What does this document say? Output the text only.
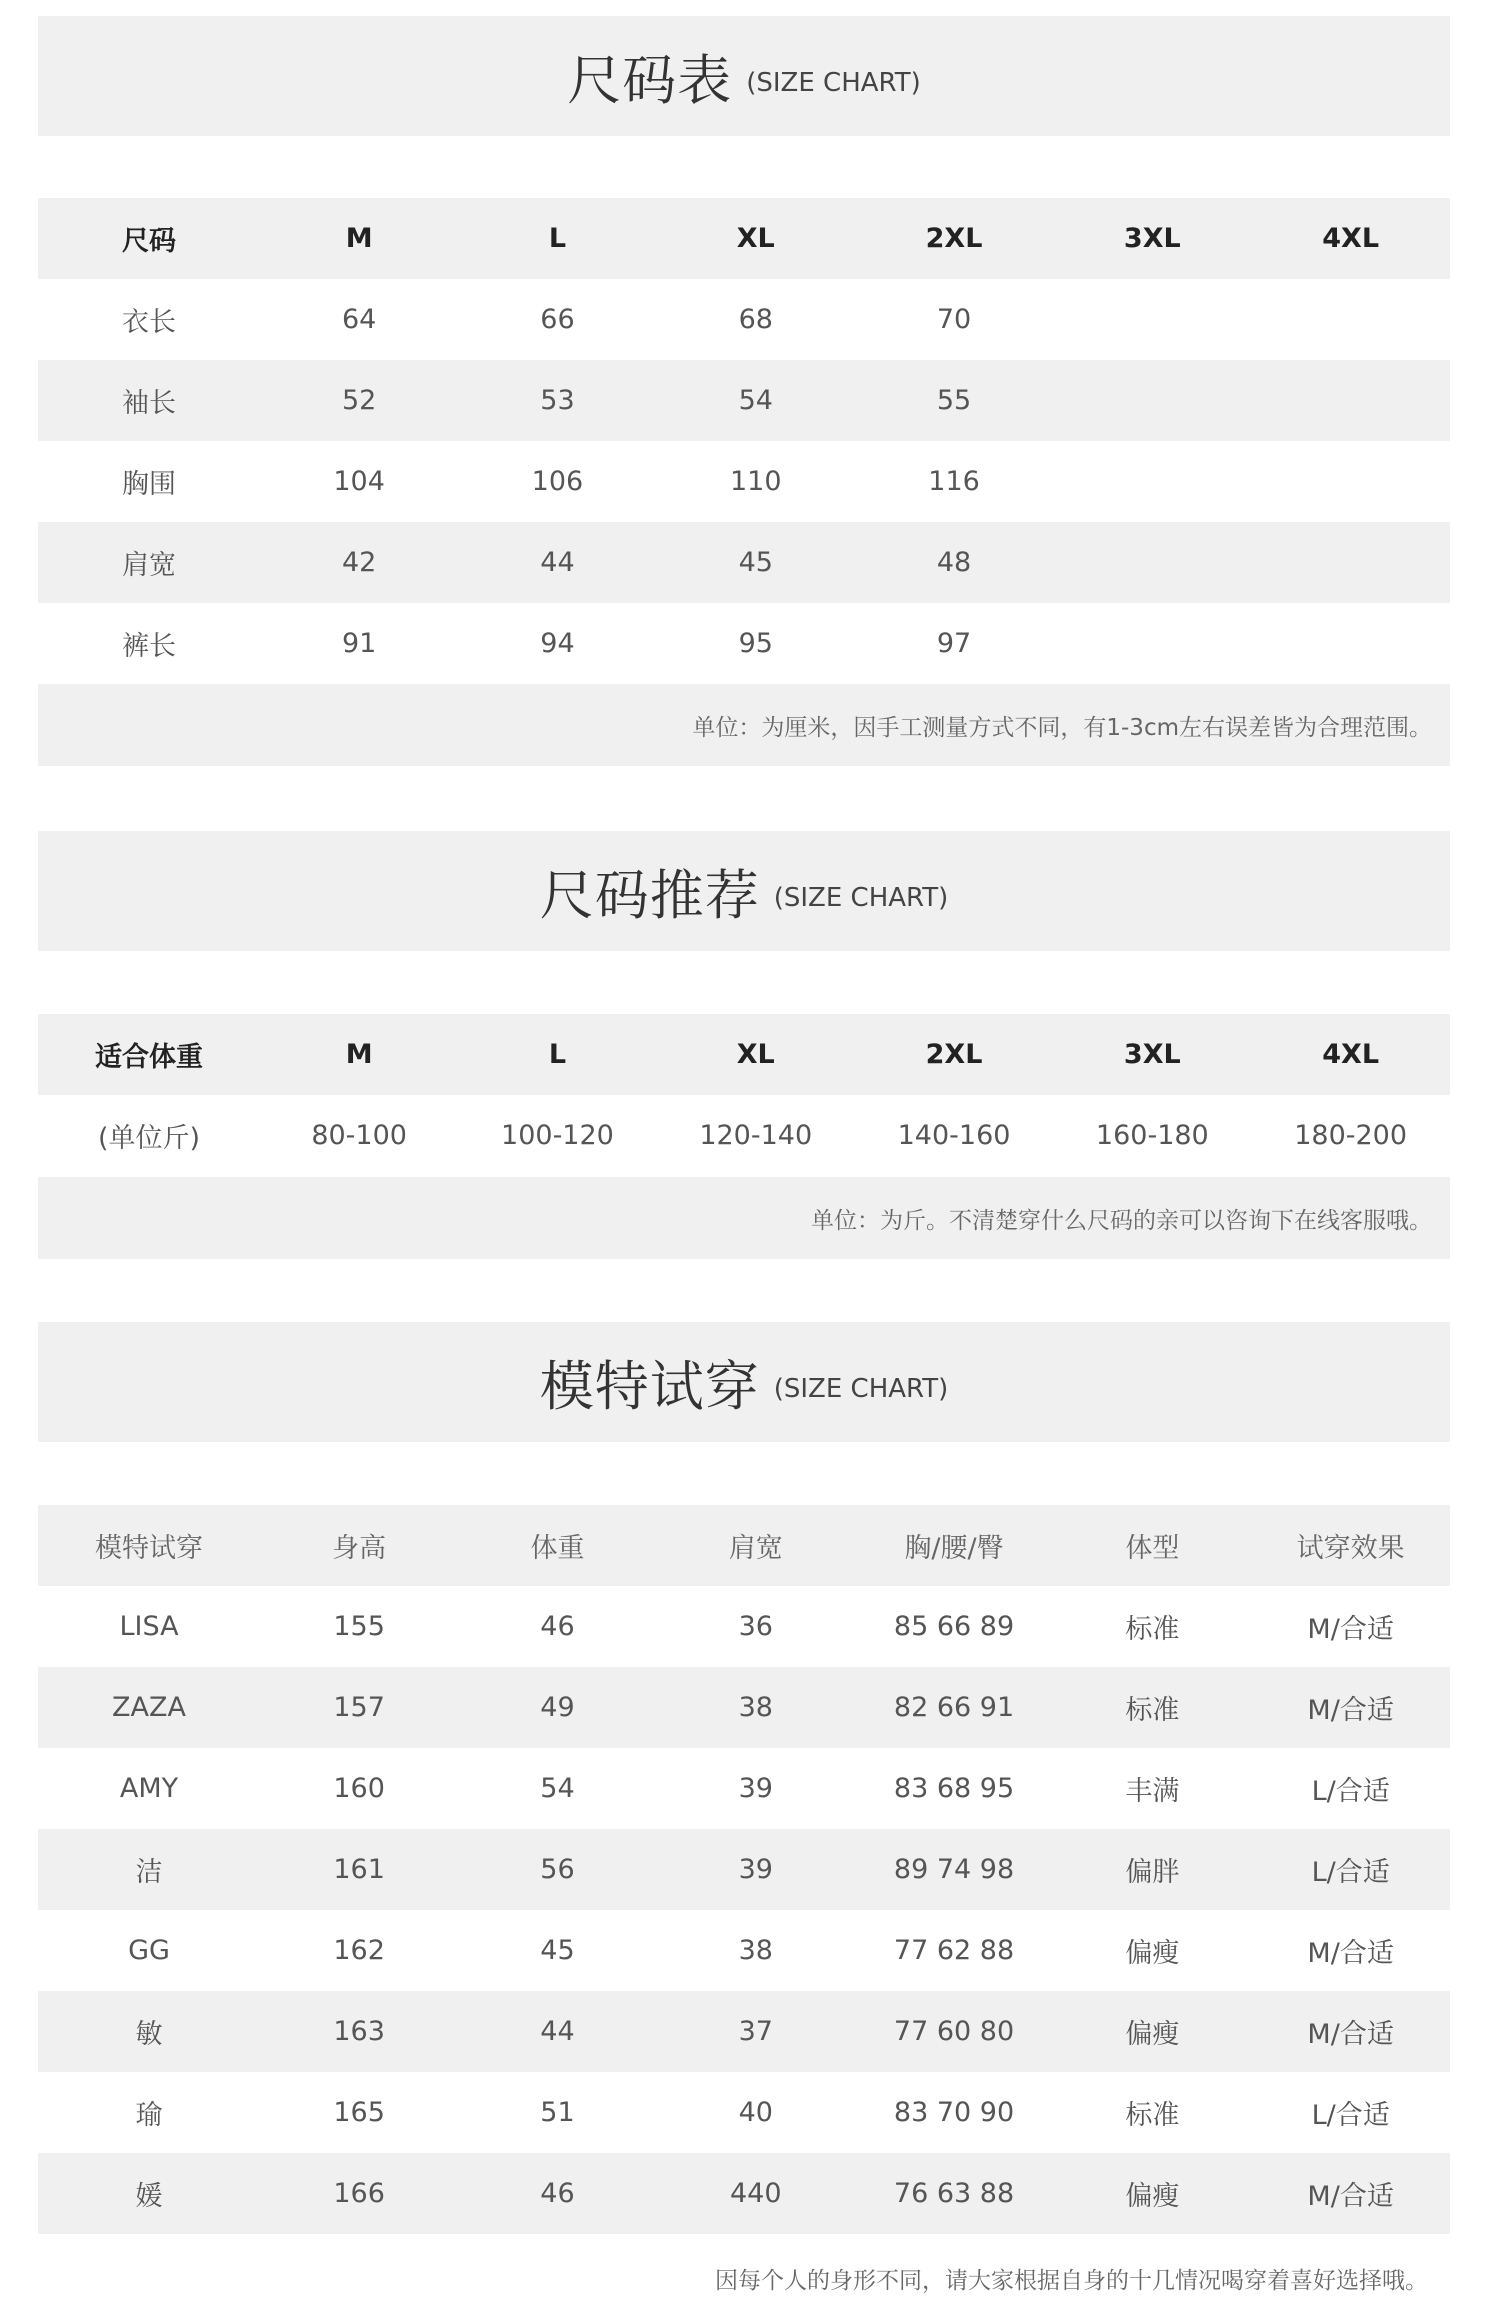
尺码表 (SIZE CHART)
尺码	M	L	XL	2XL	3XL	4XL
衣长	64	66	68	70
袖长	52	53	54	55
胸围	104	106	110	116
肩宽	42	44	45	48
裤长	91	94	95	97
单位：为厘米，因手工测量方式不同，有1-3cm左右误差皆为合理范围。
尺码推荐 (SIZE CHART)
适合体重	M	L	XL	2XL	3XL	4XL
(单位斤)	80-100	100-120	120-140	140-160	160-180	180-200
单位：为斤。不清楚穿什么尺码的亲可以咨询下在线客服哦。
模特试穿 (SIZE CHART)
模特试穿	身高	体重	肩宽	胸/腰/臀	体型	试穿效果
LISA	155	46	36	85 66 89	标准	M/合适
ZAZA	157	49	38	82 66 91	标准	M/合适
AMY	160	54	39	83 68 95	丰满	L/合适
洁	161	56	39	89 74 98	偏胖	L/合适
GG	162	45	38	77 62 88	偏瘦	M/合适
敏	163	44	37	77 60 80	偏瘦	M/合适
瑜	165	51	40	83 70 90	标准	L/合适
媛	166	46	440	76 63 88	偏瘦	M/合适
因每个人的身形不同，请大家根据自身的十几情况喝穿着喜好选择哦。
